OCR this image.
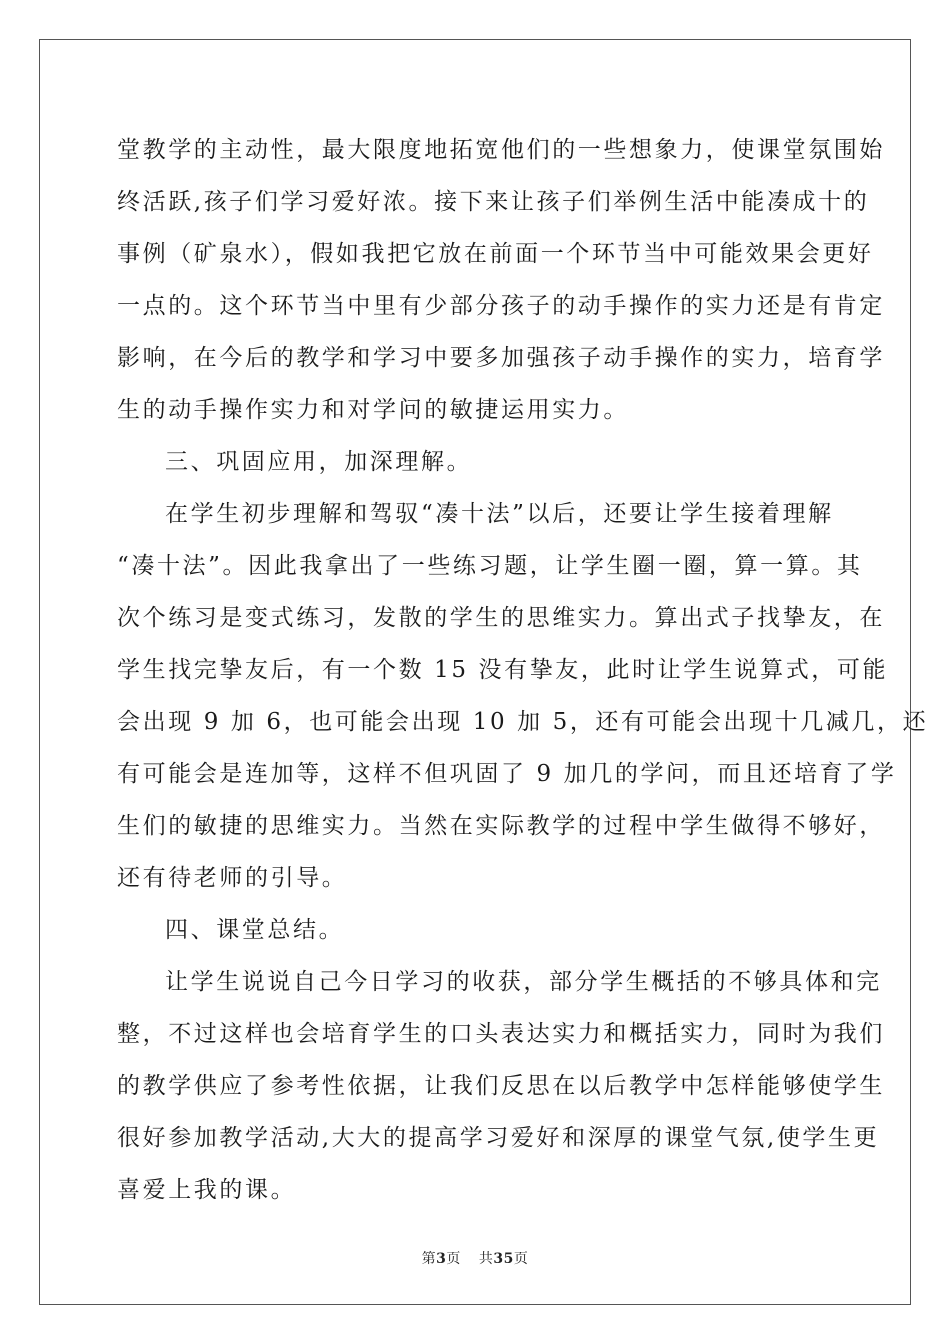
堂教学的主动性，最大限度地拓宽他们的一些想象力，使课堂氛围始
终活跃,孩子们学习爱好浓。接下来让孩子们举例生活中能凑成十的
事例（矿泉水），假如我把它放在前面一个环节当中可能效果会更好
一点的。这个环节当中里有少部分孩子的动手操作的实力还是有肯定
影响，在今后的教学和学习中要多加强孩子动手操作的实力，培育学
生的动手操作实力和对学问的敏捷运用实力。
三、巩固应用，加深理解。
在学生初步理解和驾驭“凑十法”以后，还要让学生接着理解
“凑十法”。因此我拿出了一些练习题，让学生圈一圈，算一算。其
次个练习是变式练习，发散的学生的思维实力。算出式子找挚友，在
学生找完挚友后，有一个数 15 没有挚友，此时让学生说算式，可能
会出现 9 加 6，也可能会出现 10 加 5，还有可能会出现十几减几，还
有可能会是连加等，这样不但巩固了 9 加几的学问，而且还培育了学
生们的敏捷的思维实力。当然在实际教学的过程中学生做得不够好，
还有待老师的引导。
四、课堂总结。
让学生说说自己今日学习的收获，部分学生概括的不够具体和完
整，不过这样也会培育学生的口头表达实力和概括实力，同时为我们
的教学供应了参考性依据，让我们反思在以后教学中怎样能够使学生
很好参加教学活动,大大的提高学习爱好和深厚的课堂气氛,使学生更
喜爱上我的课。
第3页 共35页
